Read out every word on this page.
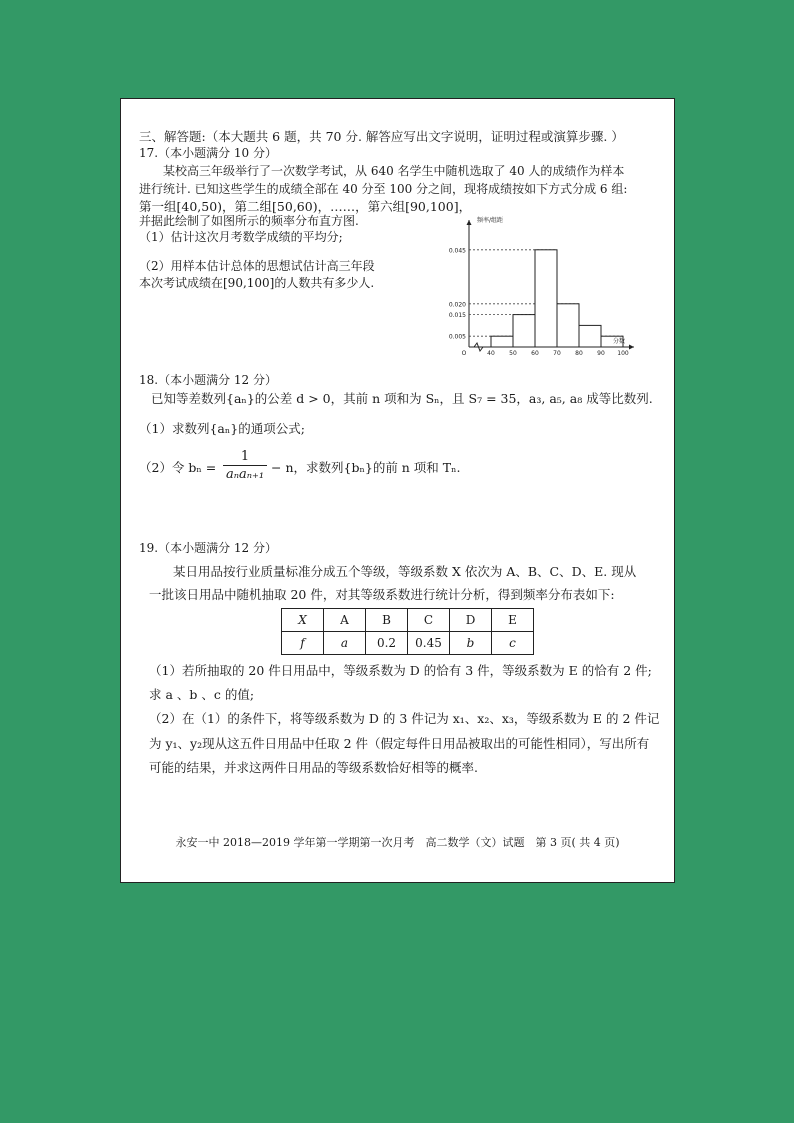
三、解答题:（本大题共 6 题，共 70 分. 解答应写出文字说明，证明过程或演算步骤. ）
17.（本小题满分 10 分）
某校高三年级举行了一次数学考试，从 640 名学生中随机选取了 40 人的成绩作为样本
进行统计. 已知这些学生的成绩全部在 40 分至 100 分之间，现将成绩按如下方式分成 6 组:
第一组[40,50)，第二组[50,60)，……，第六组[90,100]，
并据此绘制了如图所示的频率分布直方图.
（1）估计这次月考数学成绩的平均分;
（2）用样本估计总体的思想试估计高三年段
本次考试成绩在[90,100]的人数共有多少人.
0.045
0.020
0.015
0.005
40 50 60 70 80 90 100
O
频率/组距
分数
18.（本小题满分 12 分）
已知等差数列{aₙ}的公差 d > 0，其前 n 项和为 Sₙ，且 S₇ = 35，a₃, a₅, a₈ 成等比数列.
（1）求数列{aₙ}的通项公式;
（2）令 bₙ =
1
aₙaₙ₊₁ − n，求数列{bₙ}的前 n 项和 Tₙ.
19.（本小题满分 12 分）
某日用品按行业质量标准分成五个等级，等级系数 X 依次为 A、B、C、D、E. 现从
一批该日用品中随机抽取 20 件，对其等级系数进行统计分析，得到频率分布表如下:
X	A	B	C	D	E
f	a	0.2	0.45	b	c
（1）若所抽取的 20 件日用品中，等级系数为 D 的恰有 3 件，等级系数为 E 的恰有 2 件;
求 a 、b 、c 的值;
（2）在（1）的条件下，将等级系数为 D 的 3 件记为 x₁、x₂、x₃，等级系数为 E 的 2 件记
为 y₁、y₂现从这五件日用品中任取 2 件（假定每件日用品被取出的可能性相同），写出所有
可能的结果，并求这两件日用品的等级系数恰好相等的概率.
永安一中 2018—2019 学年第一学期第一次月考　高二数学（文）试题　第 3 页( 共 4 页)
